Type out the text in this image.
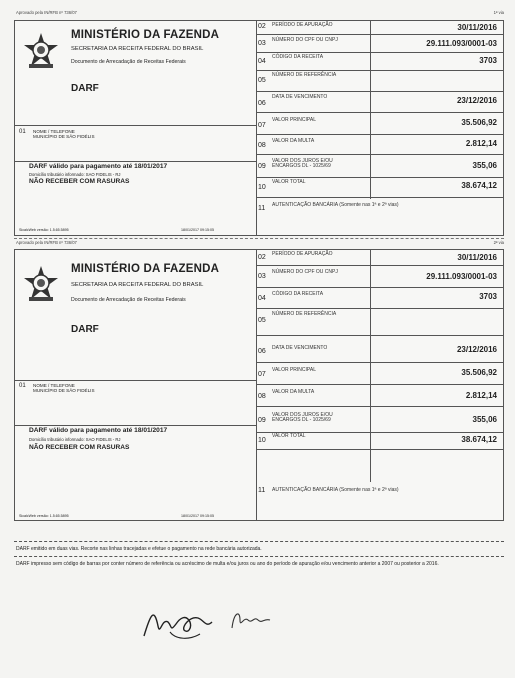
Aprovado pela IN/RFB nº 736/07	1ª via
MINISTÉRIO DA FAZENDA
SECRETARIA DA RECEITA FEDERAL DO BRASIL
Documento de Arrecadação de Receitas Federais
DARF
01 NOME / TELEFONE
MUNICÍPIO DE SÃO FIDÉLIS
DARF válido para pagamento até 18/01/2017
Domicílio tributário informado: SAO FIDELIS - RJ
NÃO RECEBER COM RASURAS
SicalcWeb versão: 1.5.65.5895	18/01/2017 09:15:05
02 PERÍODO DE APURAÇÃO	30/11/2016
03 NÚMERO DO CPF OU CNPJ	29.111.093/0001-03
04
CÓDIGO DA RECEITA	3703
05
NÚMERO DE REFERÊNCIA
06
DATA DE VENCIMENTO	23/12/2016
07
VALOR PRINCIPAL	35.506,92
08
VALOR DA MULTA	2.812,14
09
VALOR DOS JUROS E/OU ENCARGOS DL - 1025/69	355,06
10
VALOR TOTAL	38.674,12
11 AUTENTICAÇÃO BANCÁRIA (Somente nas 1ª e 2ª vias)
Aprovado pela IN/RFB nº 736/07	2ª via
MINISTÉRIO DA FAZENDA
SECRETARIA DA RECEITA FEDERAL DO BRASIL
Documento de Arrecadação de Receitas Federais
DARF
01 NOME / TELEFONE
MUNICÍPIO DE SÃO FIDÉLIS
DARF válido para pagamento até 18/01/2017
Domicílio tributário informado: SAO FIDELIS - RJ
NÃO RECEBER COM RASURAS
SicalcWeb versão: 1.5.65.5895	18/01/2017 09:15:05
02 PERÍODO DE APURAÇÃO	30/11/2016
03
NÚMERO DO CPF OU CNPJ	29.111.093/0001-03
04
CÓDIGO DA RECEITA	3703
05
NÚMERO DE REFERÊNCIA
06 DATA DE VENCIMENTO	23/12/2016
07
VALOR PRINCIPAL	35.506,92
08
VALOR DA MULTA	2.812,14
09
VALOR DOS JUROS E/OU ENCARGOS DL - 1025/69	355,06
10
VALOR TOTAL	38.674,12
11 AUTENTICAÇÃO BANCÁRIA (Somente nas 1ª e 2ª vias)
DARF emitido em duas vias. Recorte nas linhas tracejadas e efetue o pagamento na rede bancária autorizada.
DARF impresso sem código de barras por conter número de referência ou acréscimo de multa e/ou juros ou ano do período de apuração e/ou vencimento anterior a 2007 ou posterior a 2016.
